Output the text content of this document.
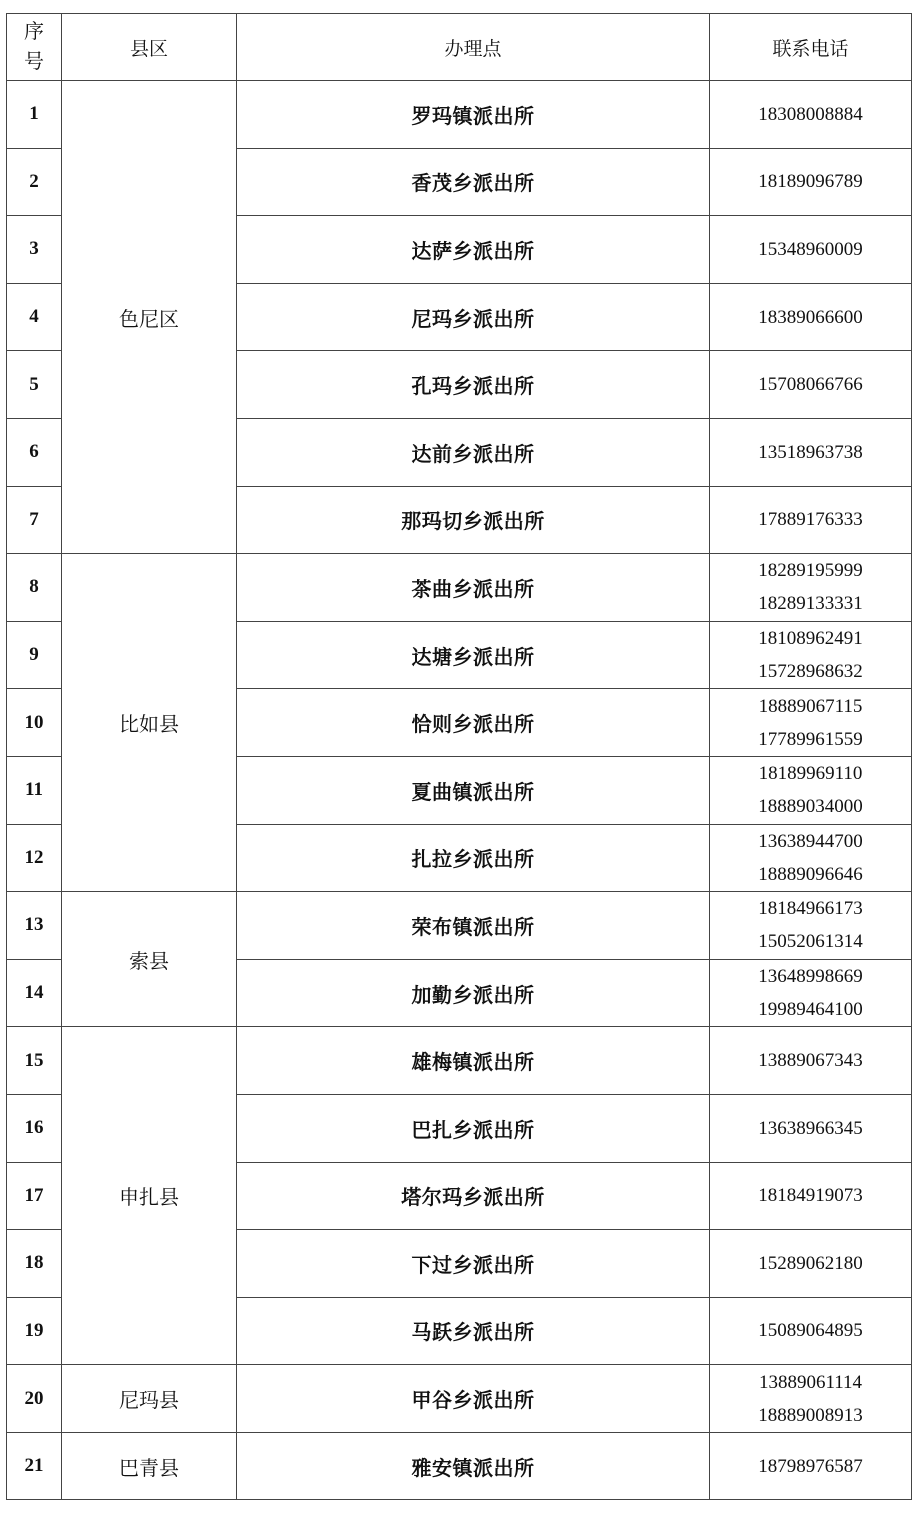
序
号	县区	办理点	联系电话
1	色尼区	罗玛镇派出所	18308008884

2		香茂乡派出所	18189096789

3		达萨乡派出所	15348960009

4		尼玛乡派出所	18389066600

5		孔玛乡派出所	15708066766

6		达前乡派出所	13518963738

7		那玛切乡派出所	17889176333

8	比如县	茶曲乡派出所	18289195999
18289133331

9		达塘乡派出所	18108962491
15728968632

10		恰则乡派出所	18889067115
17789961559

11		夏曲镇派出所	18189969110
18889034000

12		扎拉乡派出所	13638944700
18889096646

13	索县	荣布镇派出所	18184966173
15052061314

14		加勤乡派出所	13648998669
19989464100

15	申扎县	雄梅镇派出所	13889067343

16		巴扎乡派出所	13638966345

17		塔尔玛乡派出所	18184919073

18		下过乡派出所	15289062180

19		马跃乡派出所	15089064895

20	尼玛县	甲谷乡派出所	13889061114
18889008913

21	巴青县	雅安镇派出所	18798976587
